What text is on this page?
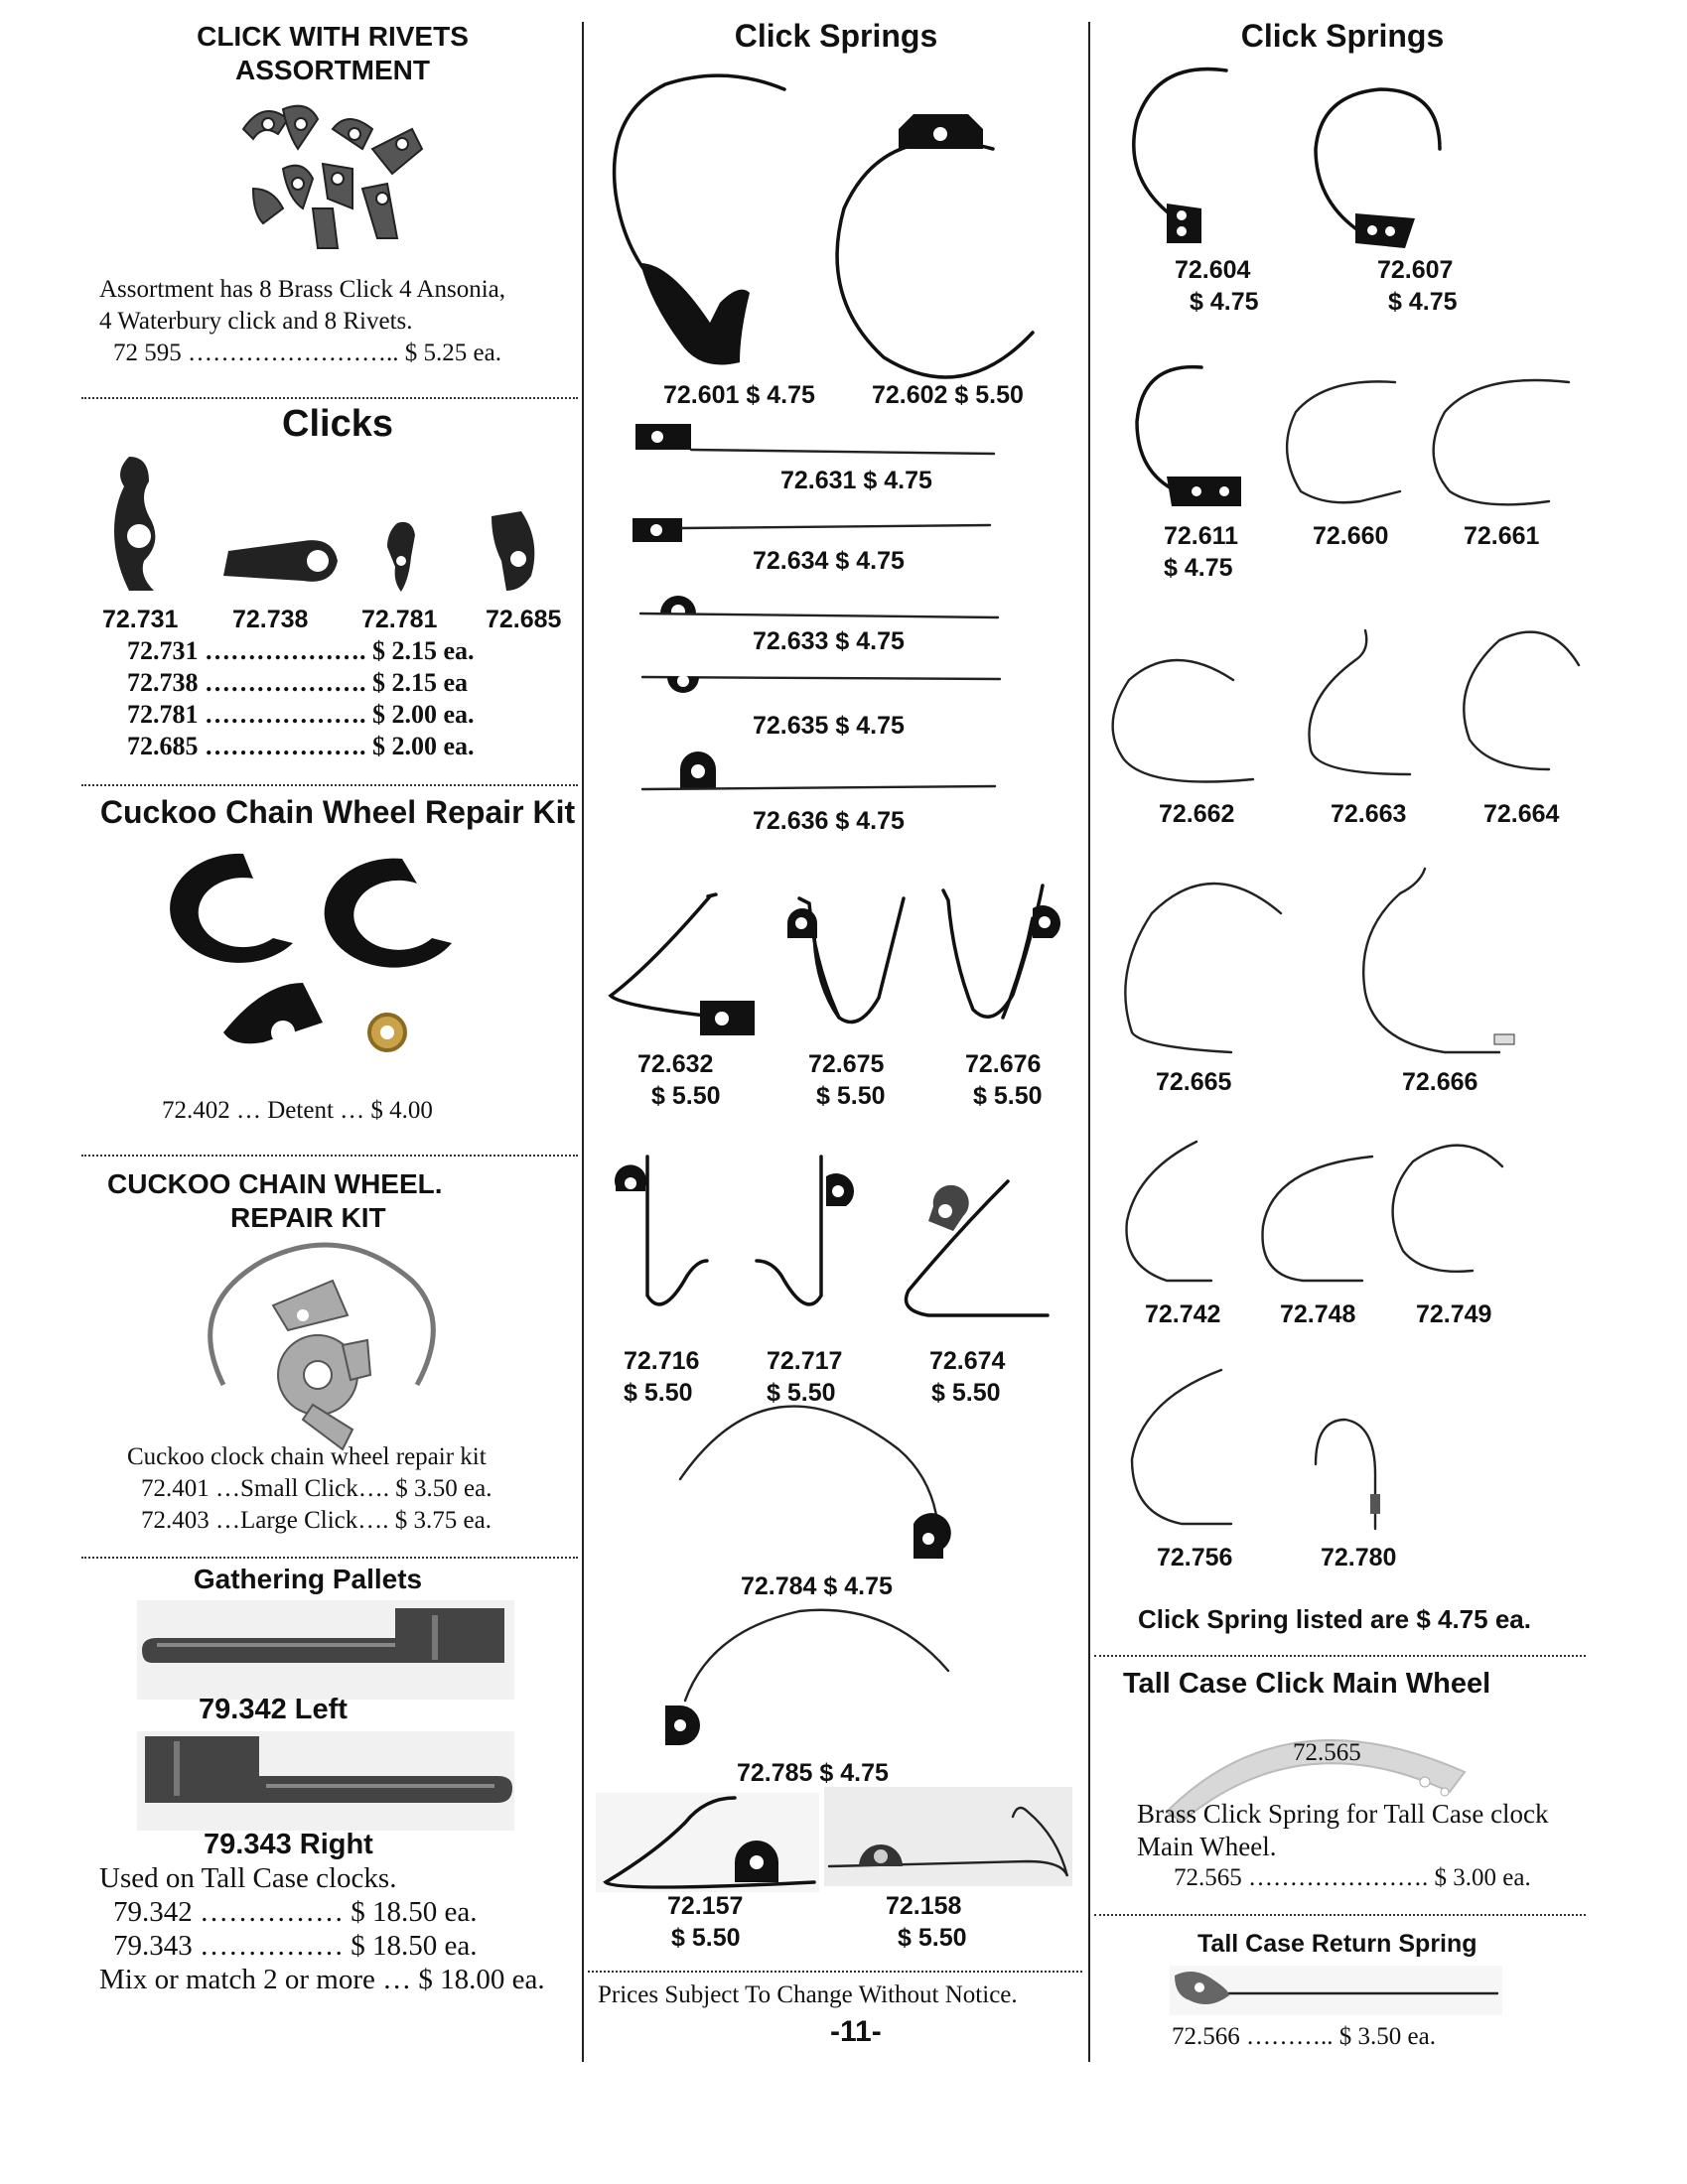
CLICK WITH RIVETS
ASSORTMENT
Assortment has 8 Brass Click 4 Ansonia,
4 Waterbury click and 8 Rivets.
72 595 …………………….. $ 5.25 ea.
Clicks
72.731 72.738 72.781 72.685
72.731 ………………. $ 2.15 ea.
72.738 ………………. $ 2.15 ea
72.781 ………………. $ 2.00 ea.
72.685 ………………. $ 2.00 ea.
Cuckoo Chain Wheel Repair Kit
72.402 … Detent … $ 4.00
CUCKOO CHAIN WHEEL.
REPAIR KIT
Cuckoo clock chain wheel repair kit
72.401 …Small Click…. $ 3.50 ea.
72.403 …Large Click…. $ 3.75 ea.
Gathering Pallets
79.342 Left
79.343 Right
Used on Tall Case clocks.
79.342 …………… $ 18.50 ea.
79.343 …………… $ 18.50 ea.
Mix or match 2 or more … $ 18.00 ea.
Click Springs
72.601 $ 4.75 72.602 $ 5.50
72.631 $ 4.75
72.634 $ 4.75
72.633 $ 4.75
72.635 $ 4.75
72.636 $ 4.75
72.632
$ 5.50
72.675
$ 5.50
72.676
$ 5.50
72.716
$ 5.50
72.717
$ 5.50
72.674
$ 5.50
72.784 $ 4.75
72.785 $ 4.75
72.157
$ 5.50
72.158
$ 5.50
Prices Subject To Change Without Notice.
-11-
Click Springs
72.604
$ 4.75
72.607
$ 4.75
72.611
$ 4.75
72.660	72.661
72.662	72.663	72.664
72.665	72.666
72.742 72.748 72.749
72.756	72.780
Click Spring listed are $ 4.75 ea.
Tall Case Click Main Wheel
72.565
Brass Click Spring for Tall Case clock
Main Wheel.
72.565 …………………. $ 3.00 ea.
Tall Case Return Spring
72.566 ……….. $ 3.50 ea.
